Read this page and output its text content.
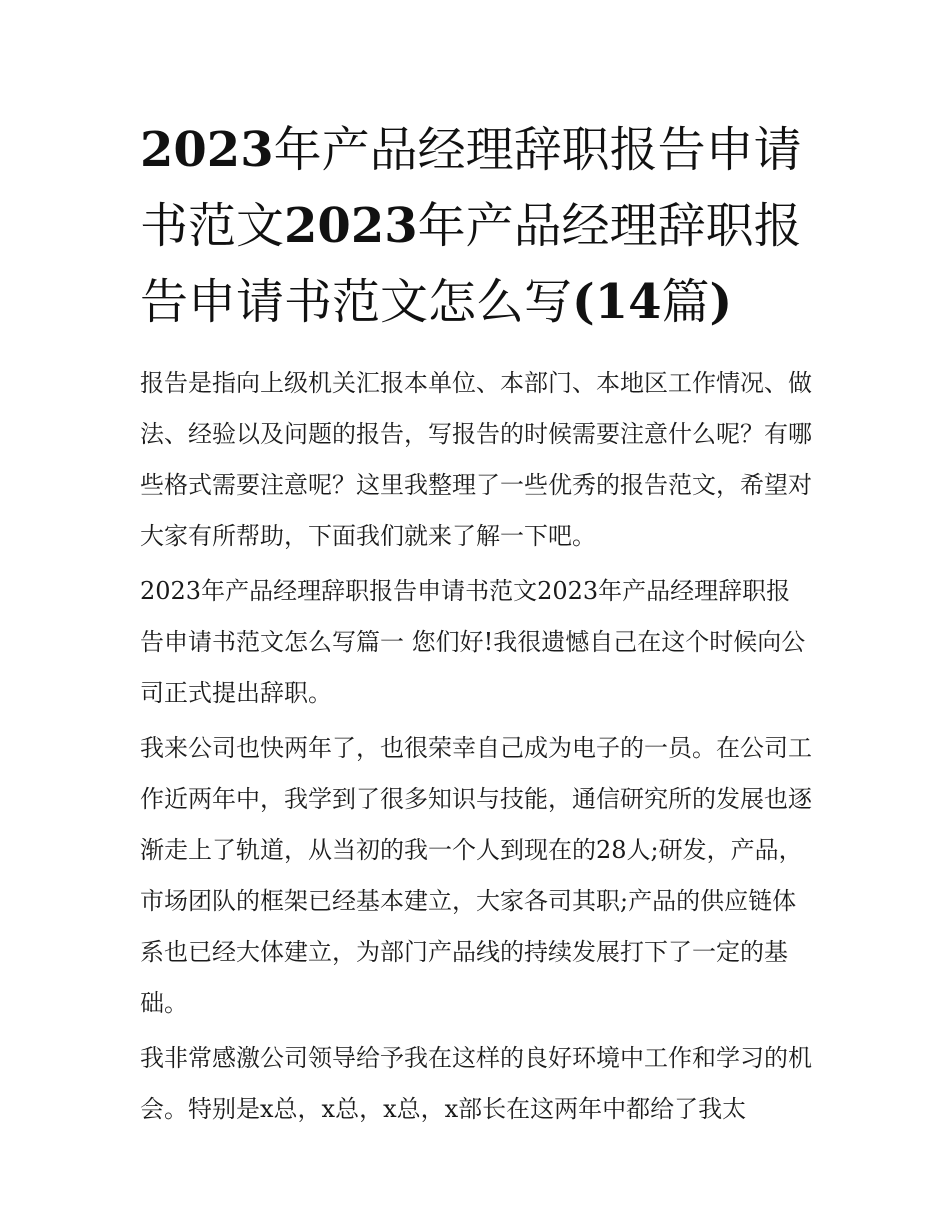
2023年产品经理辞职报告申请书范文2023年产品经理辞职报告申请书范文怎么写(14篇)

报告是指向上级机关汇报本单位、本部门、本地区工作情况、做法、经验以及问题的报告，写报告的时候需要注意什么呢？有哪些格式需要注意呢？这里我整理了一些优秀的报告范文，希望对大家有所帮助，下面我们就来了解一下吧。

2023年产品经理辞职报告申请书范文2023年产品经理辞职报告申请书范文怎么写篇一 您们好!我很遗憾自己在这个时候向公司正式提出辞职。

我来公司也快两年了，也很荣幸自己成为电子的一员。在公司工作近两年中，我学到了很多知识与技能，通信研究所的发展也逐渐走上了轨道，从当初的我一个人到现在的28人;研发，产品，市场团队的框架已经基本建立，大家各司其职;产品的供应链体系也已经大体建立，为部门产品线的持续发展打下了一定的基础。

我非常感激公司领导给予我在这样的良好环境中工作和学习的机会。特别是x总，x总，x总，x部长在这两年中都给了我太
